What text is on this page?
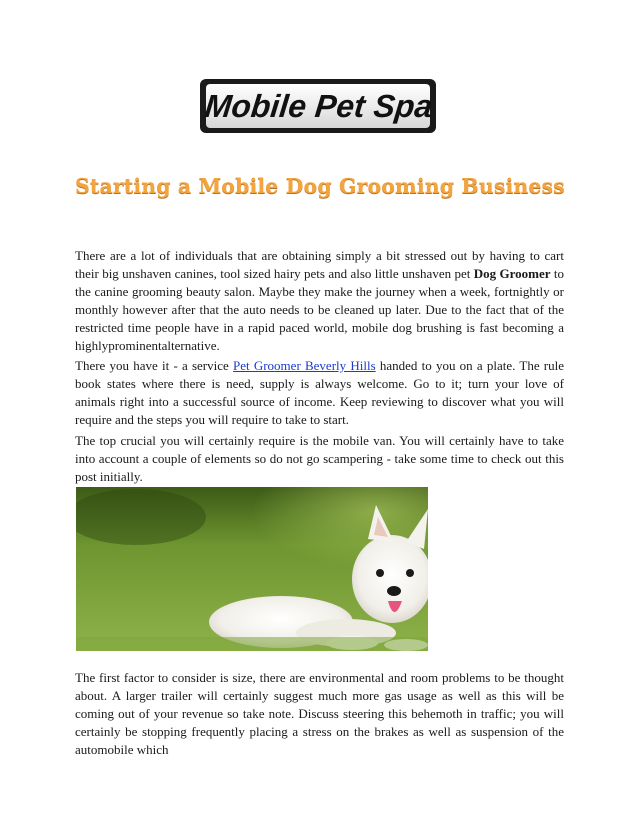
Mobile Pet Spa
Starting a Mobile Dog Grooming Business

There are a lot of individuals that are obtaining simply a bit stressed out by having to cart their big unshaven canines, tool sized hairy pets and also little unshaven pet Dog Groomer to the canine grooming beauty salon. Maybe they make the journey when a week, fortnightly or monthly however after that the auto needs to be cleaned up later. Due to the fact that of the restricted time people have in a rapid paced world, mobile dog brushing is fast becoming a highlyprominentalternative.

There you have it - a service Pet Groomer Beverly Hills handed to you on a plate. The rule book states where there is need, supply is always welcome. Go to it; turn your love of animals right into a successful source of income. Keep reviewing to discover what you will require and the steps you will require to take to start.

The top crucial you will certainly require is the mobile van. You will certainly have to take into account a couple of elements so do not go scampering - take some time to check out this post initially.

The first factor to consider is size, there are environmental and room problems to be thought about. A larger trailer will certainly suggest much more gas usage as well as this will be coming out of your revenue so take note. Discuss steering this behemoth in traffic; you will certainly be stopping frequently placing a stress on the brakes as well as suspension of the automobile which
